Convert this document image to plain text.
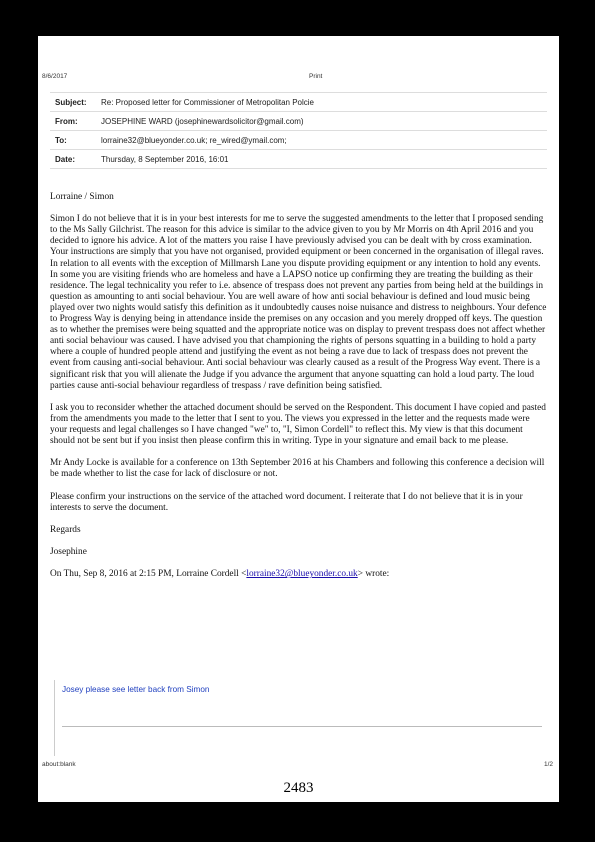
8/6/2017	Print
Subject:	Re: Proposed letter for Commissioner of Metropolitan Polcie
From:	JOSEPHINE WARD (josephinewardsolicitor@gmail.com)
To:	lorraine32@blueyonder.co.uk; re_wired@ymail.com;
Date:	Thursday, 8 September 2016, 16:01

Lorraine / Simon

Simon I do not believe that it is in your best interests for me to serve the suggested amendments to the letter that I proposed sending to the Ms Sally Gilchrist. The reason for this advice is similar to the advice given to you by Mr Morris on 4th April 2016 and you decided to ignore his advice. A lot of the matters you raise I have previously advised you can be dealt with by cross examination. Your instructions are simply that you have not organised, provided equipment or been concerned in the organisation of illegal raves. In relation to all events with the exception of Millmarsh Lane you dispute providing equipment or any intention to hold any events. In some you are visiting friends who are homeless and have a LAPSO notice up confirming they are treating the building as their residence. The legal technicality you refer to i.e. absence of trespass does not prevent any parties from being held at the buildings in question as amounting to anti social behaviour. You are well aware of how anti social behaviour is defined and loud music being played over two nights would satisfy this definition as it undoubtedly causes noise nuisance and distress to neighbours. Your defence to Progress Way is denying being in attendance inside the premises on any occasion and you merely dropped off keys. The question as to whether the premises were being squatted and the appropriate notice was on display to prevent trespass does not affect whether anti social behaviour was caused. I have advised you that championing the rights of persons squatting in a building to hold a party where a couple of hundred people attend and justifying the event as not being a rave due to lack of trespass does not prevent the event from causing anti-social behaviour. Anti social behaviour was clearly caused as a result of the Progress Way event. There is a significant risk that you will alienate the Judge if you advance the argument that anyone squatting can hold a loud party. The loud parties cause anti-social behaviour regardless of trespass / rave definition being satisfied.

I ask you to reconsider whether the attached document should be served on the Respondent. This document I have copied and pasted from the amendments you made to the letter that I sent to you. The views you expressed in the letter and the requests made were your requests and legal challenges so I have changed "we" to, "I, Simon Cordell" to reflect this. My view is that this document should not be sent but if you insist then please confirm this in writing. Type in your signature and email back to me please.

Mr Andy Locke is available for a conference on 13th September 2016 at his Chambers and following this conference a decision will be made whether to list the case for lack of disclosure or not.

Please confirm your instructions on the service of the attached word document. I reiterate that I do not believe that it is in your interests to serve the document.

Regards

Josephine

On Thu, Sep 8, 2016 at 2:15 PM, Lorraine Cordell <lorraine32@blueyonder.co.uk> wrote:

Josey please see letter back from Simon
about:blank	1/2
2483
